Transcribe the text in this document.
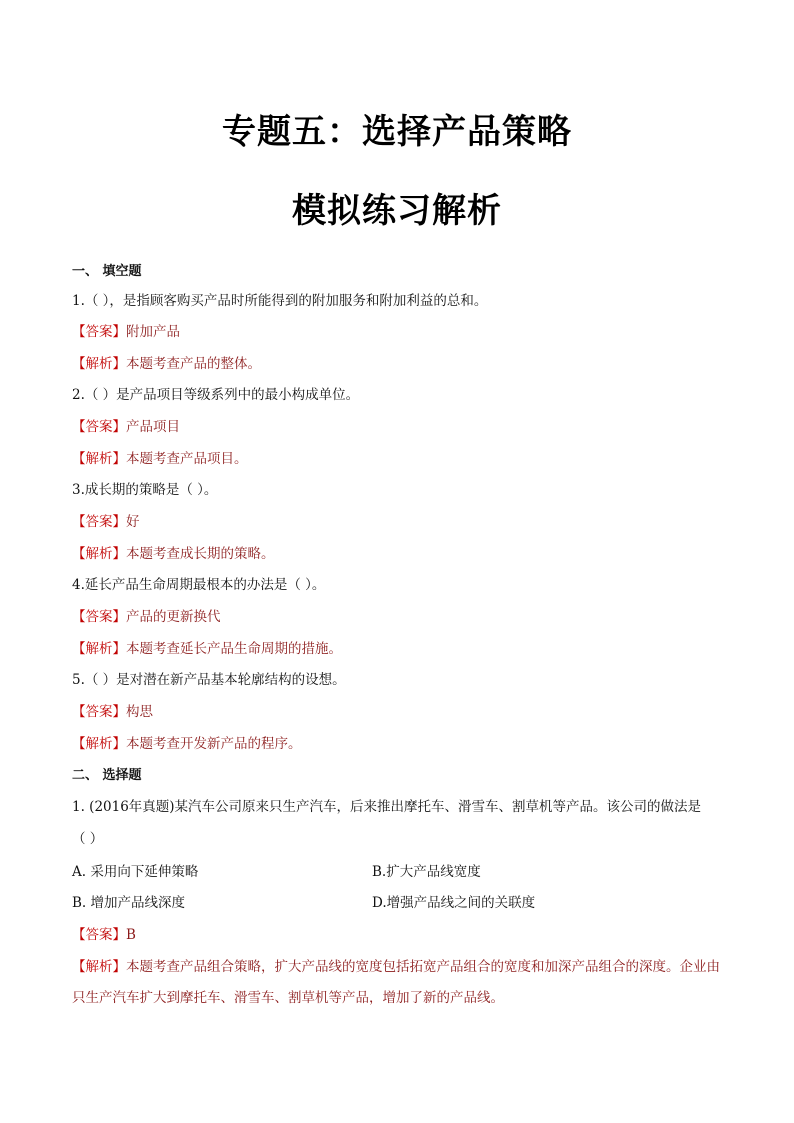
专题五：选择产品策略
模拟练习解析
一、 填空题
1.（ ），是指顾客购买产品时所能得到的附加服务和附加利益的总和。
【答案】附加产品
【解析】本题考查产品的整体。
2.（ ）是产品项目等级系列中的最小构成单位。
【答案】产品项目
【解析】本题考查产品项目。
3.成长期的策略是（ ）。
【答案】好
【解析】本题考查成长期的策略。
4.延长产品生命周期最根本的办法是（ ）。
【答案】产品的更新换代
【解析】本题考查延长产品生命周期的措施。
5.（ ）是对潜在新产品基本轮廓结构的设想。
【答案】构思
【解析】本题考查开发新产品的程序。
二、 选择题
1. (2016年真题)某汽车公司原来只生产汽车，后来推出摩托车、滑雪车、割草机等产品。该公司的做法是
（ ）
A. 采用向下延伸策略	B.扩大产品线宽度
B. 增加产品线深度	D.增强产品线之间的关联度
【答案】B
【解析】本题考查产品组合策略，扩大产品线的宽度包括拓宽产品组合的宽度和加深产品组合的深度。企业由只生产汽车扩大到摩托车、滑雪车、割草机等产品，增加了新的产品线。
